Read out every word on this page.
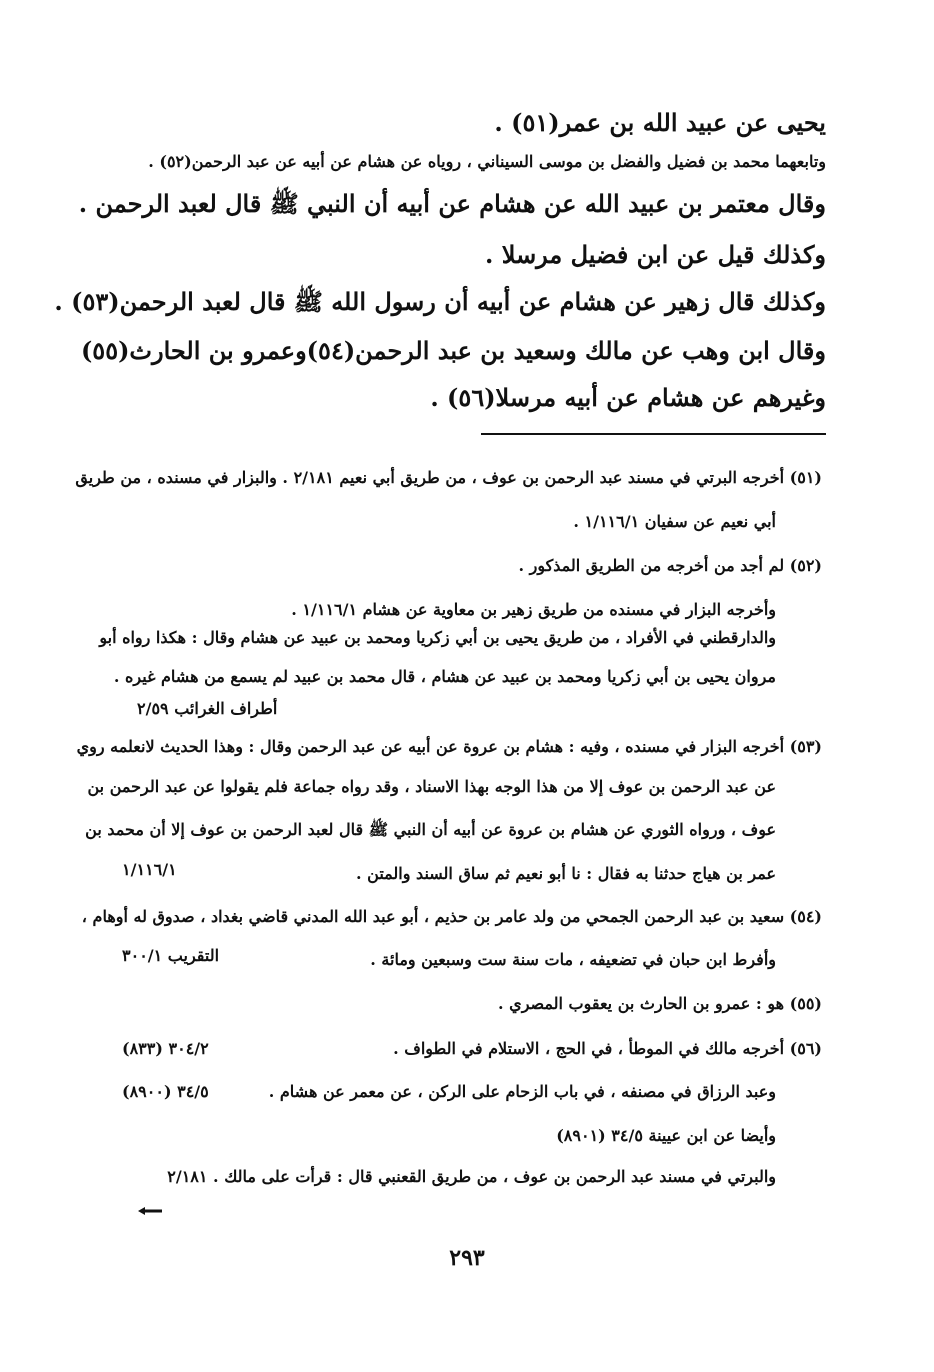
يحيى عن عبيد الله بن عمر(٥١) .
وتابعهما محمد بن فضيل والفضل بن موسى السيناني ، روياه عن هشام عن أبيه عن عبد الرحمن(٥٢) .
وقال معتمر بن عبيد الله عن هشام عن أبيه أن النبي ﷺ قال لعبد الرحمن .
وكذلك قيل عن ابن فضيل مرسلا .
وكذلك قال زهير عن هشام عن أبيه أن رسول الله ﷺ قال لعبد الرحمن(٥٣) .
وقال ابن وهب عن مالك وسعيد بن عبد الرحمن(٥٤)وعمرو بن الحارث(٥٥)
وغيرهم عن هشام عن أبيه مرسلا(٥٦) .
(٥١) أخرجه البرتي في مسند عبد الرحمن بن عوف ، من طريق أبي نعيم ٢/١٨١ . والبزار في مسنده ، من طريق
أبي نعيم عن سفيان ١/١١٦/١ .
(٥٢) لم أجد من أخرجه من الطريق المذكور .
وأخرجه البزار في مسنده من طريق زهير بن معاوية عن هشام ١/١١٦/١ .
والدارقطني في الأفراد ، من طريق يحيى بن أبي زكريا ومحمد بن عبيد عن هشام وقال : هكذا رواه أبو
مروان يحيى بن أبي زكريا ومحمد بن عبيد عن هشام ، قال محمد بن عبيد لم يسمع من هشام غيره .
أطراف الغرائب ٢/٥٩
(٥٣) أخرجه البزار في مسنده ، وفيه : هشام بن عروة عن أبيه عن عبد الرحمن وقال : وهذا الحديث لانعلمه روي
عن عبد الرحمن بن عوف إلا من هذا الوجه بهذا الاسناد ، وقد رواه جماعة فلم يقولوا عن عبد الرحمن بن
عوف ، ورواه الثوري عن هشام بن عروة عن أبيه أن النبي ﷺ قال لعبد الرحمن بن عوف إلا أن محمد بن
عمر بن هياج حدثنا به فقال : نا أبو نعيم ثم ساق السند والمتن .
١/١١٦/١
(٥٤) سعيد بن عبد الرحمن الجمحي من ولد عامر بن حذيم ، أبو عبد الله المدني قاضي بغداد ، صدوق له أوهام ،
وأفرط ابن حبان في تضعيفه ، مات سنة ست وسبعين ومائة .
التقريب ٣٠٠/١
(٥٥) هو : عمرو بن الحارث بن يعقوب المصري .
(٥٦) أخرجه مالك في الموطأ ، في الحج ، الاستلام في الطواف .
٣٠٤/٢ (٨٣٣)
وعبد الرزاق في مصنفه ، في باب الزحام على الركن ، عن معمر عن هشام .
٣٤/٥ (٨٩٠٠)
وأيضا عن ابن عيينة ٣٤/٥ (٨٩٠١)
والبرتي في مسند عبد الرحمن بن عوف ، من طريق القعنبي قال : قرأت على مالك . ٢/١٨١
٢٩٣
